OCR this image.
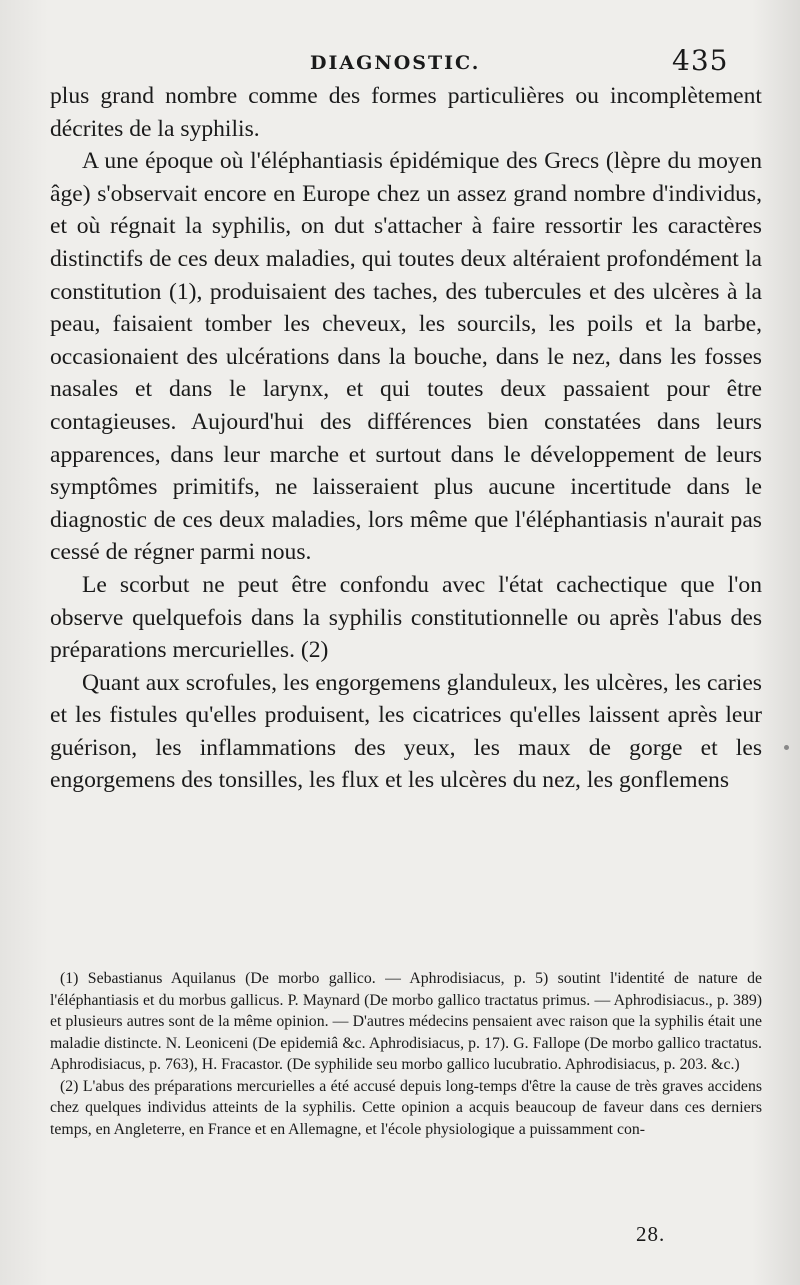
DIAGNOSTIC.	435

plus grand nombre comme des formes particulières ou incomplètement décrites de la syphilis.

A une époque où l'éléphantiasis épidémique des Grecs (lèpre du moyen âge) s'observait encore en Europe chez un assez grand nombre d'individus, et où régnait la syphilis, on dut s'attacher à faire ressortir les caractères distinctifs de ces deux maladies, qui toutes deux altéraient profondément la constitution (1), produisaient des taches, des tubercules et des ulcères à la peau, faisaient tomber les cheveux, les sourcils, les poils et la barbe, occasionaient des ulcérations dans la bouche, dans le nez, dans les fosses nasales et dans le larynx, et qui toutes deux passaient pour être contagieuses. Aujourd'hui des différences bien constatées dans leurs apparences, dans leur marche et surtout dans le développement de leurs symptômes primitifs, ne laisseraient plus aucune incertitude dans le diagnostic de ces deux maladies, lors même que l'éléphantiasis n'aurait pas cessé de régner parmi nous.

Le scorbut ne peut être confondu avec l'état cachectique que l'on observe quelquefois dans la syphilis constitutionnelle ou après l'abus des préparations mercurielles. (2)

Quant aux scrofules, les engorgemens glanduleux, les ulcères, les caries et les fistules qu'elles produisent, les cicatrices qu'elles laissent après leur guérison, les inflammations des yeux, les maux de gorge et les engorgemens des tonsilles, les flux et les ulcères du nez, les gonflemens

(1) Sebastianus Aquilanus (De morbo gallico. — Aphrodisiacus, p. 5) soutint l'identité de nature de l'éléphantiasis et du morbus gallicus. P. Maynard (De morbo gallico tractatus primus. — Aphrodisiacus., p. 389) et plusieurs autres sont de la même opinion. — D'autres médecins pensaient avec raison que la syphilis était une maladie distincte. N. Leoniceni (De epidemiâ &c. Aphrodisiacus, p. 17). G. Fallope (De morbo gallico tractatus. Aphrodisiacus, p. 763), H. Fracastor. (De syphilide seu morbo gallico lucubratio. Aphrodisiacus, p. 203. &c.)

(2) L'abus des préparations mercurielles a été accusé depuis long-temps d'être la cause de très graves accidens chez quelques individus atteints de la syphilis. Cette opinion a acquis beaucoup de faveur dans ces derniers temps, en Angleterre, en France et en Allemagne, et l'école physiologique a puissamment con-

28.
